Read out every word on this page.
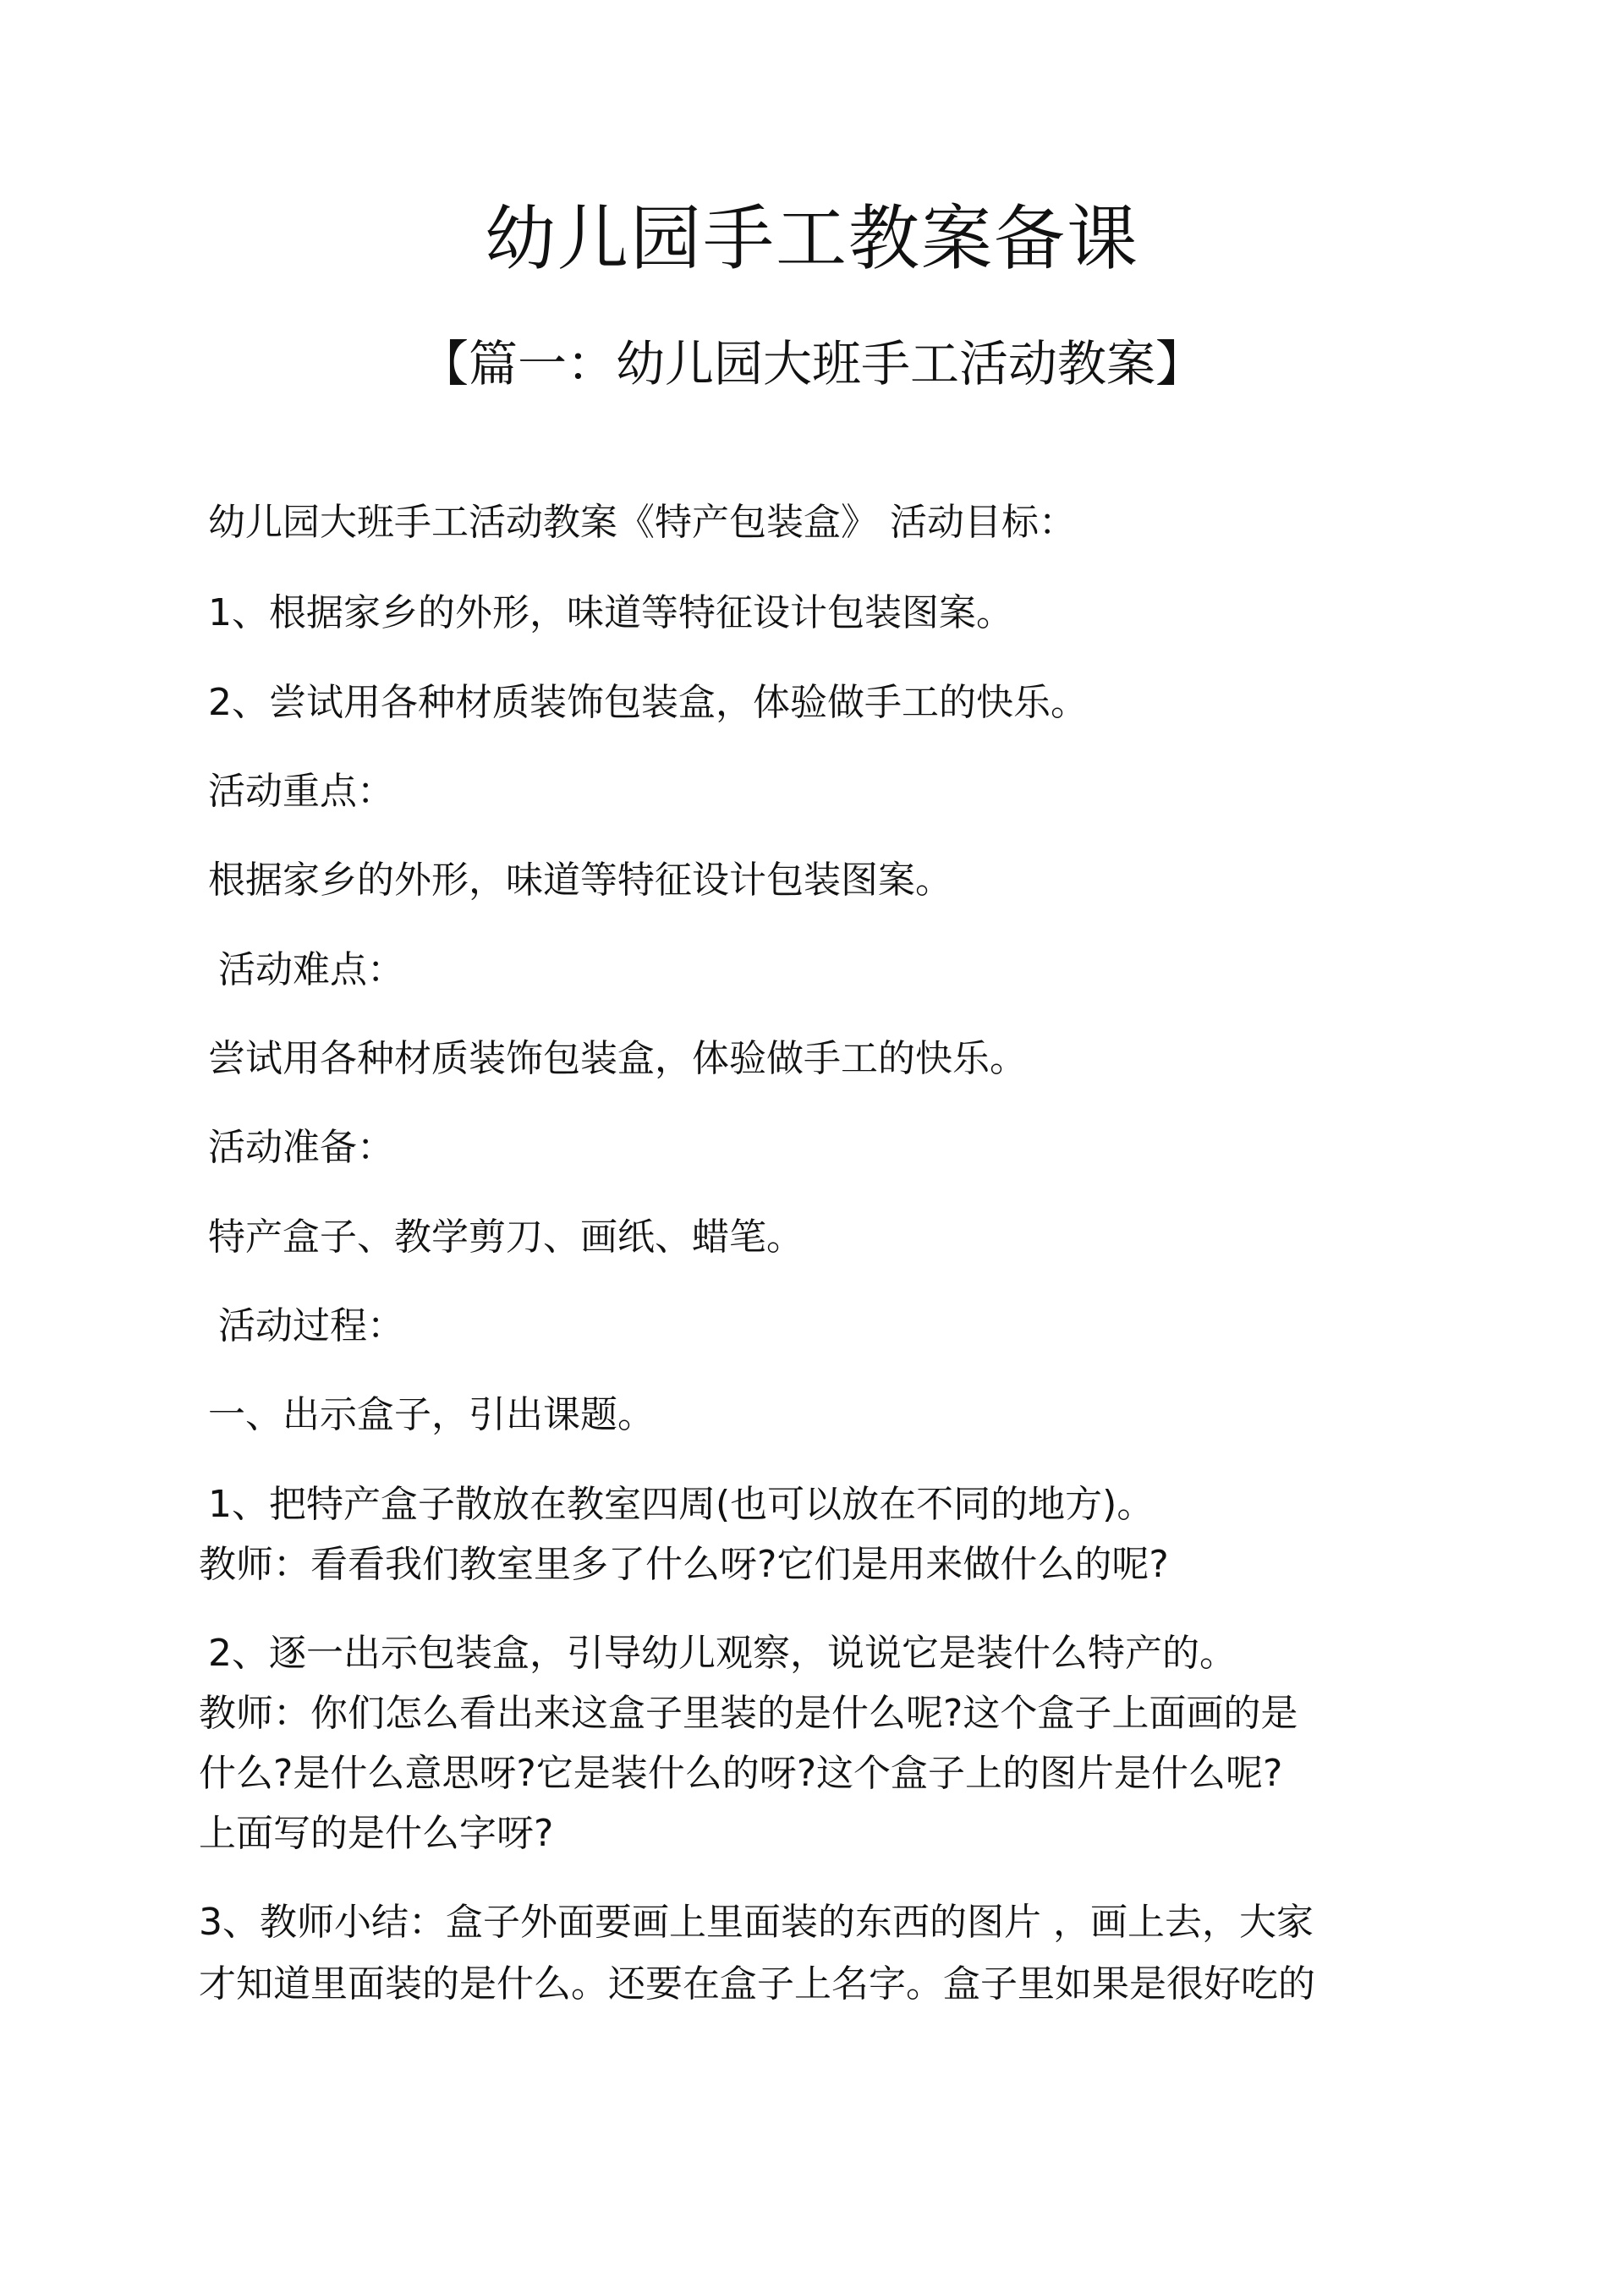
幼儿园手工教案备课
【篇一：幼儿园大班手工活动教案】
幼儿园大班手工活动教案《特产包装盒》 活动目标：
1、根据家乡的外形，味道等特征设计包装图案。
2、尝试用各种材质装饰包装盒，体验做手工的快乐。
活动重点：
根据家乡的外形，味道等特征设计包装图案。
活动难点：
尝试用各种材质装饰包装盒，体验做手工的快乐。
活动准备：
特产盒子、教学剪刀、画纸、蜡笔。
活动过程：
一、出示盒子，引出课题。
1、把特产盒子散放在教室四周(也可以放在不同的地方)。
教师：看看我们教室里多了什么呀?它们是用来做什么的呢?
2、逐一出示包装盒，引导幼儿观察，说说它是装什么特产的。
教师：你们怎么看出来这盒子里装的是什么呢?这个盒子上面画的是
什么?是什么意思呀?它是装什么的呀?这个盒子上的图片是什么呢?
上面写的是什么字呀?
3、教师小结：盒子外面要画上里面装的东西的图片 ，画上去，大家
才知道里面装的是什么。还要在盒子上名字。盒子里如果是很好吃的
